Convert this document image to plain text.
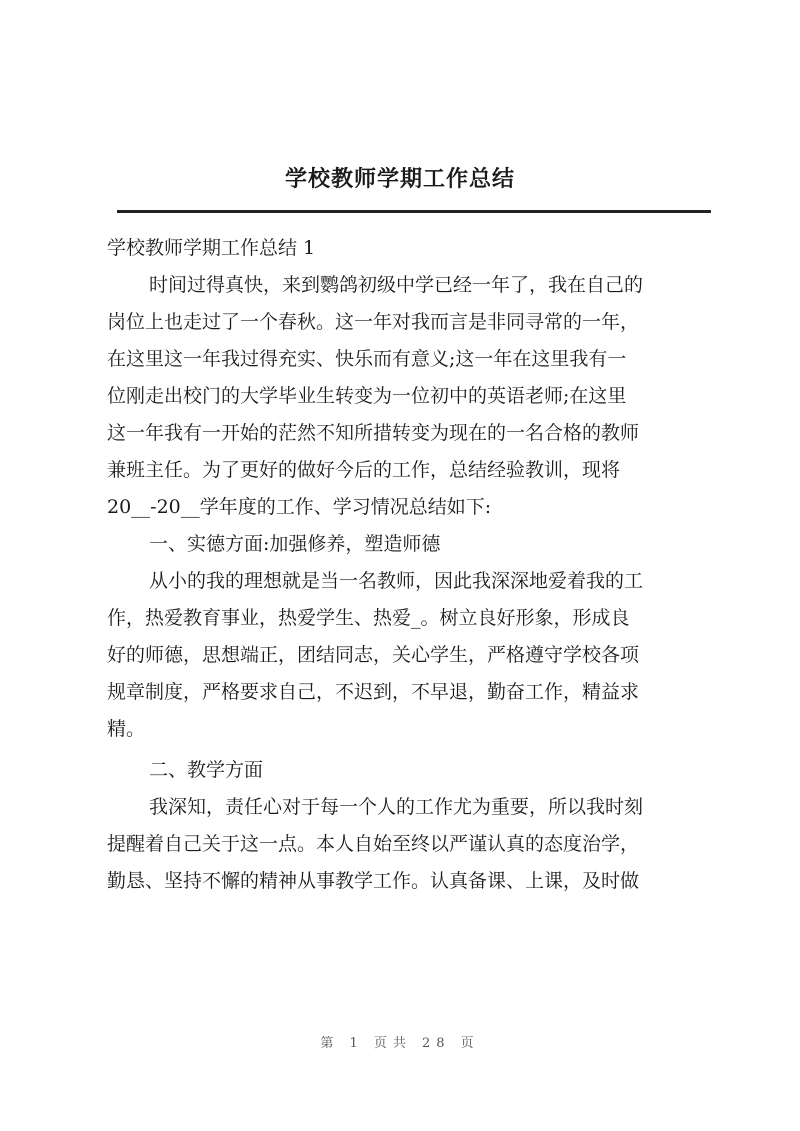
学校教师学期工作总结
学校教师学期工作总结 1
时间过得真快，来到鹦鸽初级中学已经一年了，我在自己的
岗位上也走过了一个春秋。这一年对我而言是非同寻常的一年，
在这里这一年我过得充实、快乐而有意义;这一年在这里我有一
位刚走出校门的大学毕业生转变为一位初中的英语老师;在这里
这一年我有一开始的茫然不知所措转变为现在的一名合格的教师
兼班主任。为了更好的做好今后的工作，总结经验教训，现将
20__-20__学年度的工作、学习情况总结如下:
一、实德方面:加强修养，塑造师德
从小的我的理想就是当一名教师，因此我深深地爱着我的工
作，热爱教育事业，热爱学生、热爱_。树立良好形象，形成良
好的师德，思想端正，团结同志，关心学生，严格遵守学校各项
规章制度，严格要求自己，不迟到，不早退，勤奋工作，精益求
精。
二、教学方面
我深知，责任心对于每一个人的工作尤为重要，所以我时刻
提醒着自己关于这一点。本人自始至终以严谨认真的态度治学，
勤恳、坚持不懈的精神从事教学工作。认真备课、上课，及时做
第 1 页共 28 页
